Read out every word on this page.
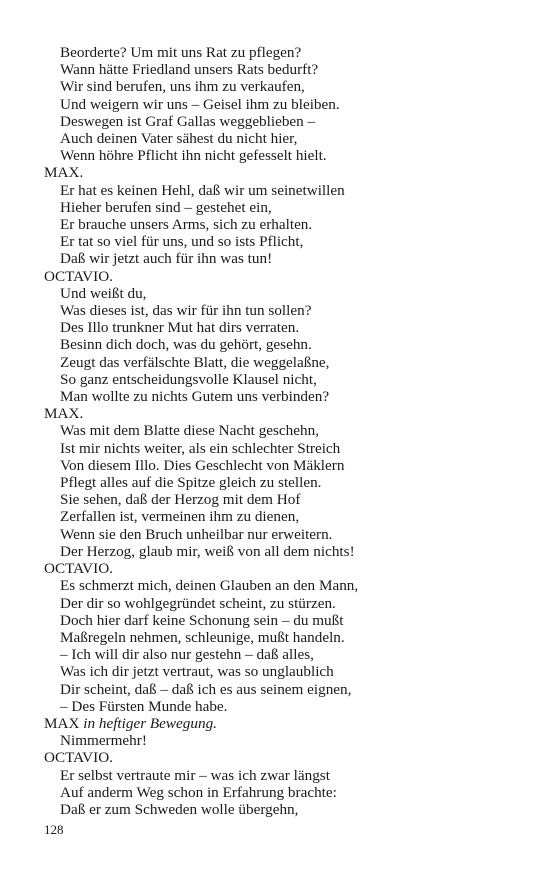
Beorderte? Um mit uns Rat zu pflegen?
Wann hätte Friedland unsers Rats bedurft?
Wir sind berufen, uns ihm zu verkaufen,
Und weigern wir uns – Geisel ihm zu bleiben.
Deswegen ist Graf Gallas weggeblieben –
Auch deinen Vater sähest du nicht hier,
Wenn höhre Pflicht ihn nicht gefesselt hielt.
MAX.
Er hat es keinen Hehl, daß wir um seinetwillen
Hieher berufen sind – gestehet ein,
Er brauche unsers Arms, sich zu erhalten.
Er tat so viel für uns, und so ists Pflicht,
Daß wir jetzt auch für ihn was tun!
OCTAVIO.
Und weißt du,
Was dieses ist, das wir für ihn tun sollen?
Des Illo trunkner Mut hat dirs verraten.
Besinn dich doch, was du gehört, gesehn.
Zeugt das verfälschte Blatt, die weggelaßne,
So ganz entscheidungsvolle Klausel nicht,
Man wollte zu nichts Gutem uns verbinden?
MAX.
Was mit dem Blatte diese Nacht geschehn,
Ist mir nichts weiter, als ein schlechter Streich
Von diesem Illo. Dies Geschlecht von Mäklern
Pflegt alles auf die Spitze gleich zu stellen.
Sie sehen, daß der Herzog mit dem Hof
Zerfallen ist, vermeinen ihm zu dienen,
Wenn sie den Bruch unheilbar nur erweitern.
Der Herzog, glaub mir, weiß von all dem nichts!
OCTAVIO.
Es schmerzt mich, deinen Glauben an den Mann,
Der dir so wohlgegründet scheint, zu stürzen.
Doch hier darf keine Schonung sein – du mußt
Maßregeln nehmen, schleunige, mußt handeln.
– Ich will dir also nur gestehn – daß alles,
Was ich dir jetzt vertraut, was so unglaublich
Dir scheint, daß – daß ich es aus seinem eignen,
– Des Fürsten Munde habe.
MAX in heftiger Bewegung.
Nimmermehr!
OCTAVIO.
Er selbst vertraute mir – was ich zwar längst
Auf anderm Weg schon in Erfahrung brachte:
Daß er zum Schweden wolle übergehn,
128
